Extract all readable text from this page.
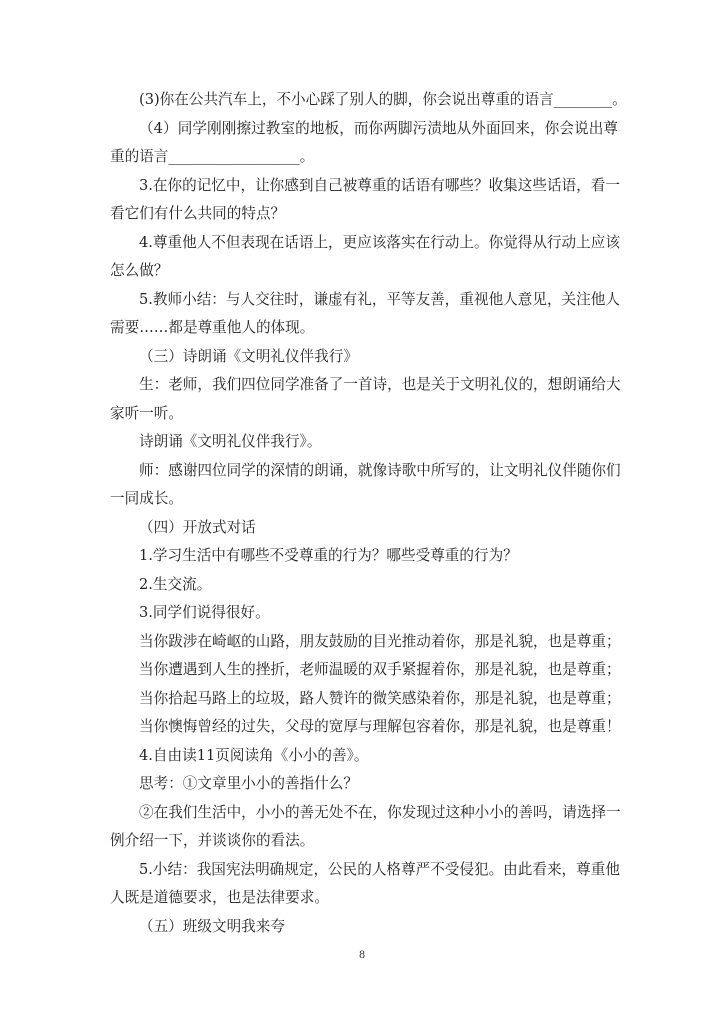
(3)你在公共汽车上，不小心踩了别人的脚，你会说出尊重的语言________。
（4）同学刚刚擦过教室的地板，而你两脚污渍地从外面回来，你会说出尊
重的语言__________________。
3.在你的记忆中，让你感到自己被尊重的话语有哪些？收集这些话语，看一
看它们有什么共同的特点？
4.尊重他人不但表现在话语上，更应该落实在行动上。你觉得从行动上应该
怎么做？
5.教师小结：与人交往时，谦虚有礼，平等友善，重视他人意见，关注他人
需要……都是尊重他人的体现。
（三）诗朗诵《文明礼仪伴我行》
生：老师，我们四位同学准备了一首诗，也是关于文明礼仪的，想朗诵给大
家听一听。
诗朗诵《文明礼仪伴我行》。
师：感谢四位同学的深情的朗诵，就像诗歌中所写的，让文明礼仪伴随你们
一同成长。
（四）开放式对话
1.学习生活中有哪些不受尊重的行为？哪些受尊重的行为？
2.生交流。
3.同学们说得很好。
当你跋涉在崎岖的山路，朋友鼓励的目光推动着你，那是礼貌，也是尊重；
当你遭遇到人生的挫折，老师温暖的双手紧握着你，那是礼貌，也是尊重；
当你拾起马路上的垃圾，路人赞许的微笑感染着你，那是礼貌，也是尊重；
当你懊悔曾经的过失，父母的宽厚与理解包容着你，那是礼貌，也是尊重！
4.自由读11页阅读角《小小的善》。
思考：①文章里小小的善指什么？
②在我们生活中，小小的善无处不在，你发现过这种小小的善吗，请选择一
例介绍一下，并谈谈你的看法。
5.小结：我国宪法明确规定，公民的人格尊严不受侵犯。由此看来，尊重他
人既是道德要求，也是法律要求。
（五）班级文明我来夸
8
